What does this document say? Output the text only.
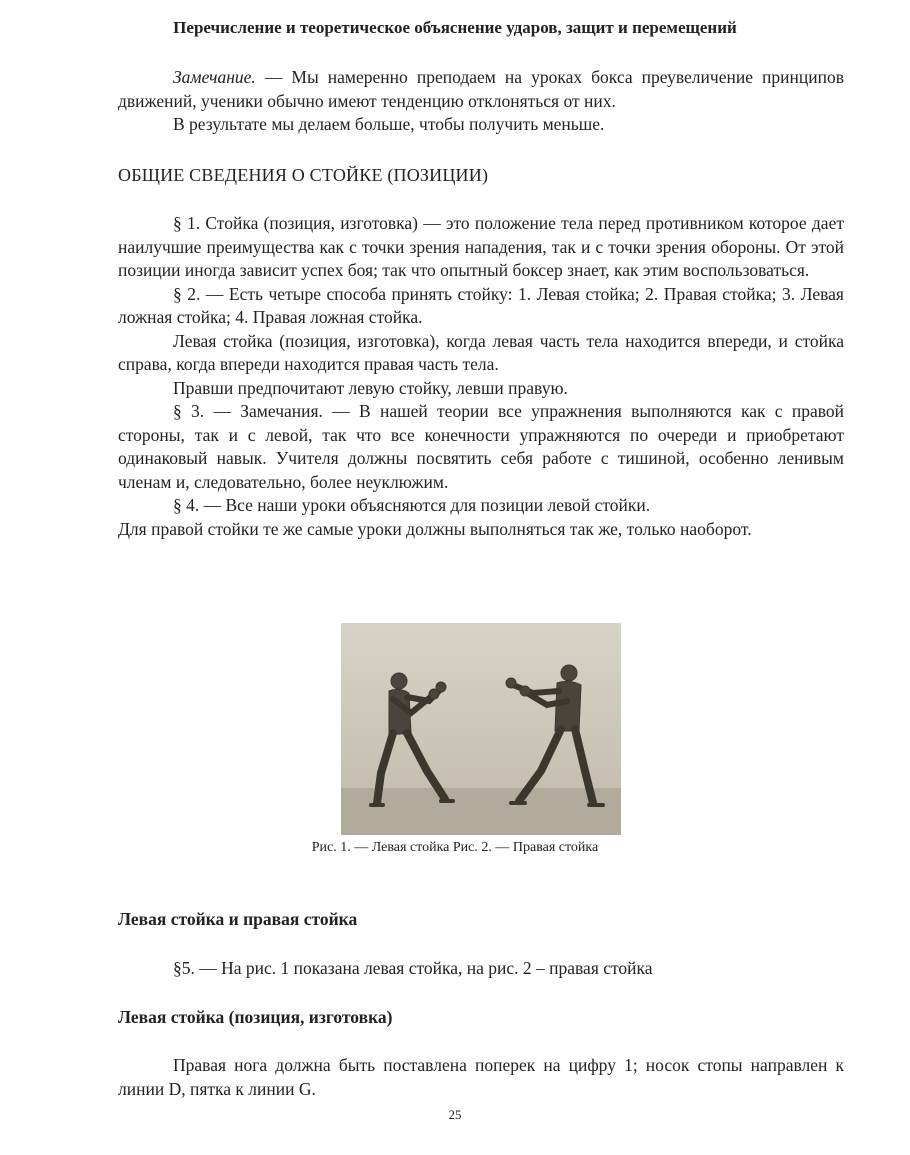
Перечисление и теоретическое объяснение ударов, защит и перемещений

Замечание. — Мы намеренно преподаем на уроках бокса преувеличение принципов движений, ученики обычно имеют тенденцию отклоняться от них.

В результате мы делаем больше, чтобы получить меньше.

ОБЩИЕ СВЕДЕНИЯ О СТОЙКЕ (ПОЗИЦИИ)

§ 1. Стойка (позиция, изготовка) — это положение тела перед противником которое дает наилучшие преимущества как с точки зрения нападения, так и с точки зрения обороны. От этой позиции иногда зависит успех боя; так что опытный боксер знает, как этим воспользоваться.

§ 2. — Есть четыре способа принять стойку: 1. Левая стойка; 2. Правая стойка; 3. Левая ложная стойка; 4. Правая ложная стойка.

Левая стойка (позиция, изготовка), когда левая часть тела находится впереди, и стойка справа, когда впереди находится правая часть тела.

Правши предпочитают левую стойку, левши правую.

§ 3. — Замечания. — В нашей теории все упражнения выполняются как с правой стороны, так и с левой, так что все конечности упражняются по очереди и приобретают одинаковый навык. Учителя должны посвятить себя работе с тишиной, особенно ленивым членам и, следовательно, более неуклюжим.

§ 4. — Все наши уроки объясняются для позиции левой стойки.

Для правой стойки те же самые уроки должны выполняться так же, только наоборот.

Рис. 1. — Левая стойка Рис. 2. — Правая стойка
Левая стойка и правая стойка

§5. — На рис. 1 показана левая стойка, на рис. 2 – правая стойка

Левая стойка (позиция, изготовка)

Правая нога должна быть поставлена поперек на цифру 1; носок стопы направлен к линии D, пятка к линии G.

25
